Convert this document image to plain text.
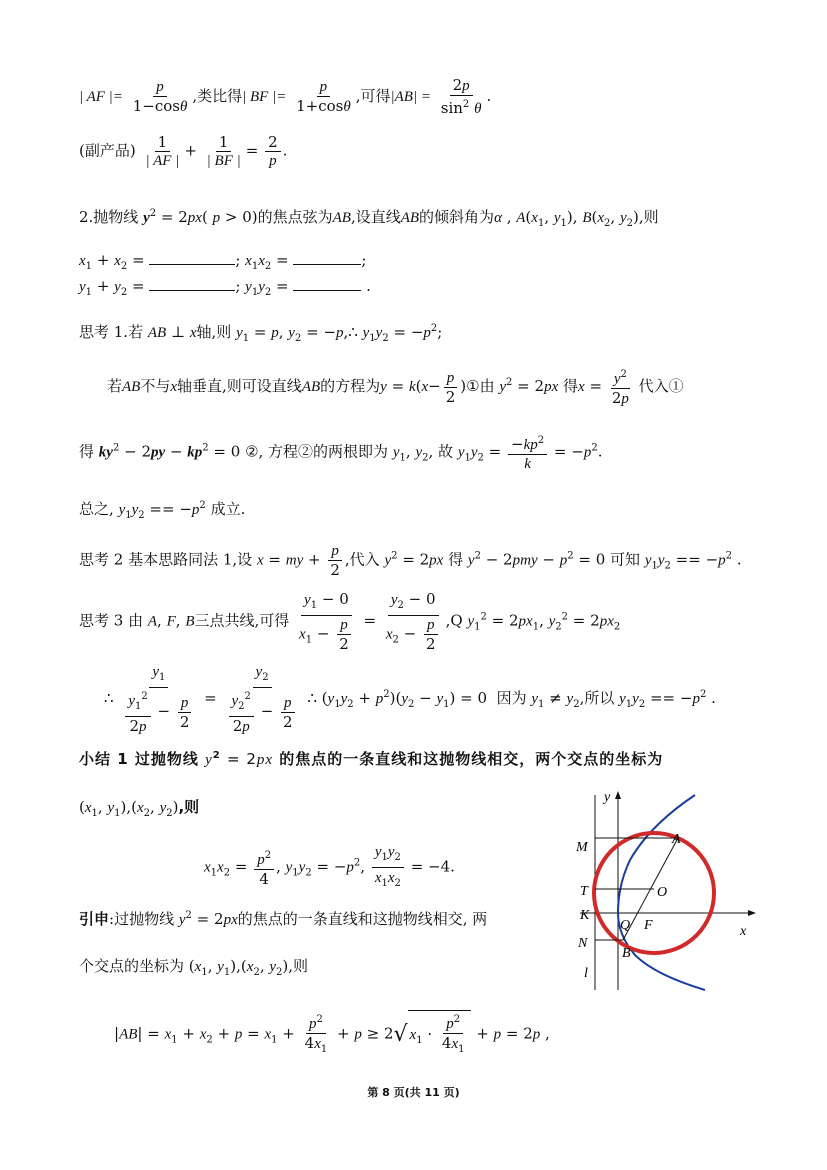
| AF |= $\frac{p}{1-\cos\theta}$ ,类比得| BF |= $\frac{p}{1+\cos\theta}$ ,可得$|AB| = \frac{2p}{\sin^2 \theta}$ .
(副产品) $\frac{1}{| AF |} + \frac{1}{| BF |} = \frac{2}{p}$ .
2.抛物线 $y^2 = 2px$( p > 0)的焦点弦为AB,设直线AB的倾斜角为α , $A(x_1$, $y_1$), $B(x_2$, $y_2$),则
$x_1 + x_2$ =	; $x_1x_2$ =	;
$y_1 + y_2$ =	; $y_1y_2$ =	.
思考 1.若 AB ⊥ x轴,则 $y_1 = p$, $y_2$ = −p,∴ $y_1y_2 = -p^2$;
若AB不与x轴垂直,则可设直线AB的方程为$y = k(x- \frac{p}{2}$ )①由 $y^2 = 2px$ 得$x = \frac{y^2}{2p}$ 代入①
得 $ky^2 - 2py - kp^2 = 0$ ②, 方程②的两根即为 $y_1$, $y_2$, 故 $y_1y_2 = \frac{-kp^2}{k} = -p^2$.
总之, $y_1y_2 == -p^2$ 成立.
思考 2 基本思路同法 1,设 x = my + $\frac{p}{2}$ ,代入 $y^2 = 2px$ 得 $y^2 - 2pmy - p^2 = 0$ 可知 $y_1y_2 == -p^2$ .
思考 3 由 A, F, B三点共线,可得 $\frac{y_1 - 0}{x_1 - \frac{p}{2}} = \frac{y_2 - 0}{x_2 - \frac{p}{2}} ,Q$ $y_1^2 = 2px_1$, $y_2^2 = 2px_2$
∴ $\frac{y_1}{\frac{y_1^2}{2p} - \frac{p}{2}} = \frac{y_2}{\frac{y_2^2}{2p} - \frac{p}{2}}$ ∴ $(y_1y_2 + p^2)(y_2 - y_1) = 0$  因为 $y_1 \ne y_2$,所以 $y_1y_2 == -p^2$ .
小结 1 过抛物线 $y^2 = 2px$ 的焦点的一条直线和这抛物线相交，两个交点的坐标为
($x_1$, $y_1),(x_2$, $y_2$),则
$x_1x_2 = \frac{p^2}{4}$ , $y_1y_2 = -p^2$, $\frac{y_1y_2}{x_1x_2} = -4$.
引申:过抛物线 $y^2 = 2px$的焦点的一条直线和这抛物线相交, 两
个交点的坐标为 ($x_1$, $y_1),(x_2$, $y_2$),则
$|AB| = x_1 + x_2 + p = x_1 + \frac{p^2}{4x_1} + p \ge 2√$ $x_1 \cdot \frac{p^2}{4x_1} + p = 2p$ ,
y
M
A
T	O
K
Q F	x
N
B
l
第 8 页(共 11 页)
